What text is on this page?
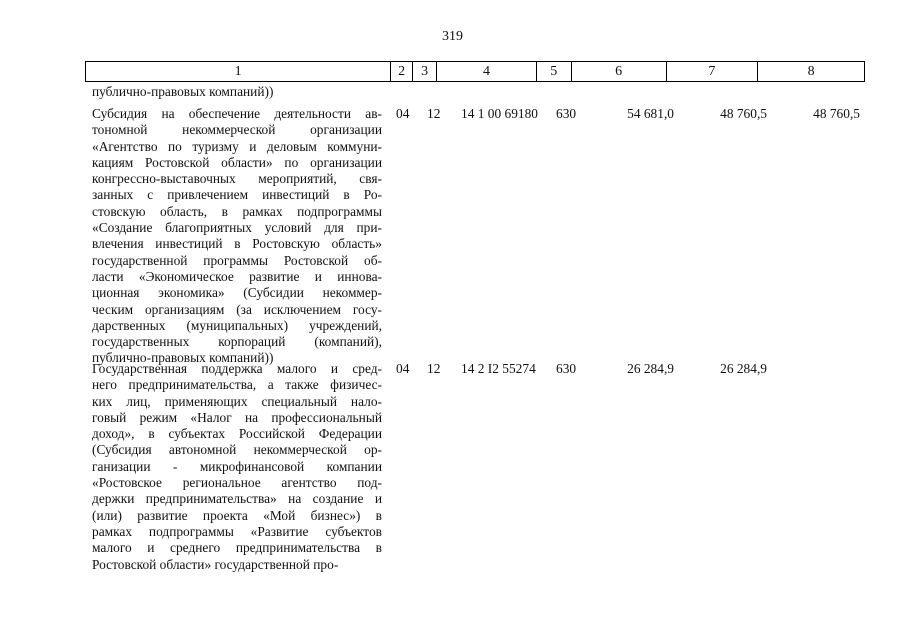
319
1	2	3	4	5	6	7	8
публично-правовых компаний))
Субсидия на обеспечение деятельности ав-
тономной некоммерческой организации
«Агентство по туризму и деловым коммуни-
кациям Ростовской области» по организации
конгрессно-выставочных мероприятий, свя-
занных с привлечением инвестиций в Ро-
стовскую область, в рамках подпрограммы
«Создание благоприятных условий для при-
влечения инвестиций в Ростовскую область»
государственной программы Ростовской об-
ласти «Экономическое развитие и иннова-
ционная экономика» (Субсидии некоммер-
ческим организациям (за исключением госу-
дарственных (муниципальных) учреждений,
государственных корпораций (компаний),
публично-правовых компаний))
04 12 14 1 00 69180 630	54 681,0	48 760,5	48 760,5
Государственная поддержка малого и сред-
него предпринимательства, а также физичес-
ких лиц, применяющих специальный нало-
говый режим «Налог на профессиональный
доход», в субъектах Российской Федерации
(Субсидия автономной некоммерческой ор-
ганизации - микрофинансовой компании
«Ростовское региональное агентство под-
держки предпринимательства» на создание и
(или) развитие проекта «Мой бизнес») в
рамках подпрограммы «Развитие субъектов
малого и среднего предпринимательства в
Ростовской области» государственной про-
04 12 14 2 I2 55274 630	26 284,9	26 284,9
